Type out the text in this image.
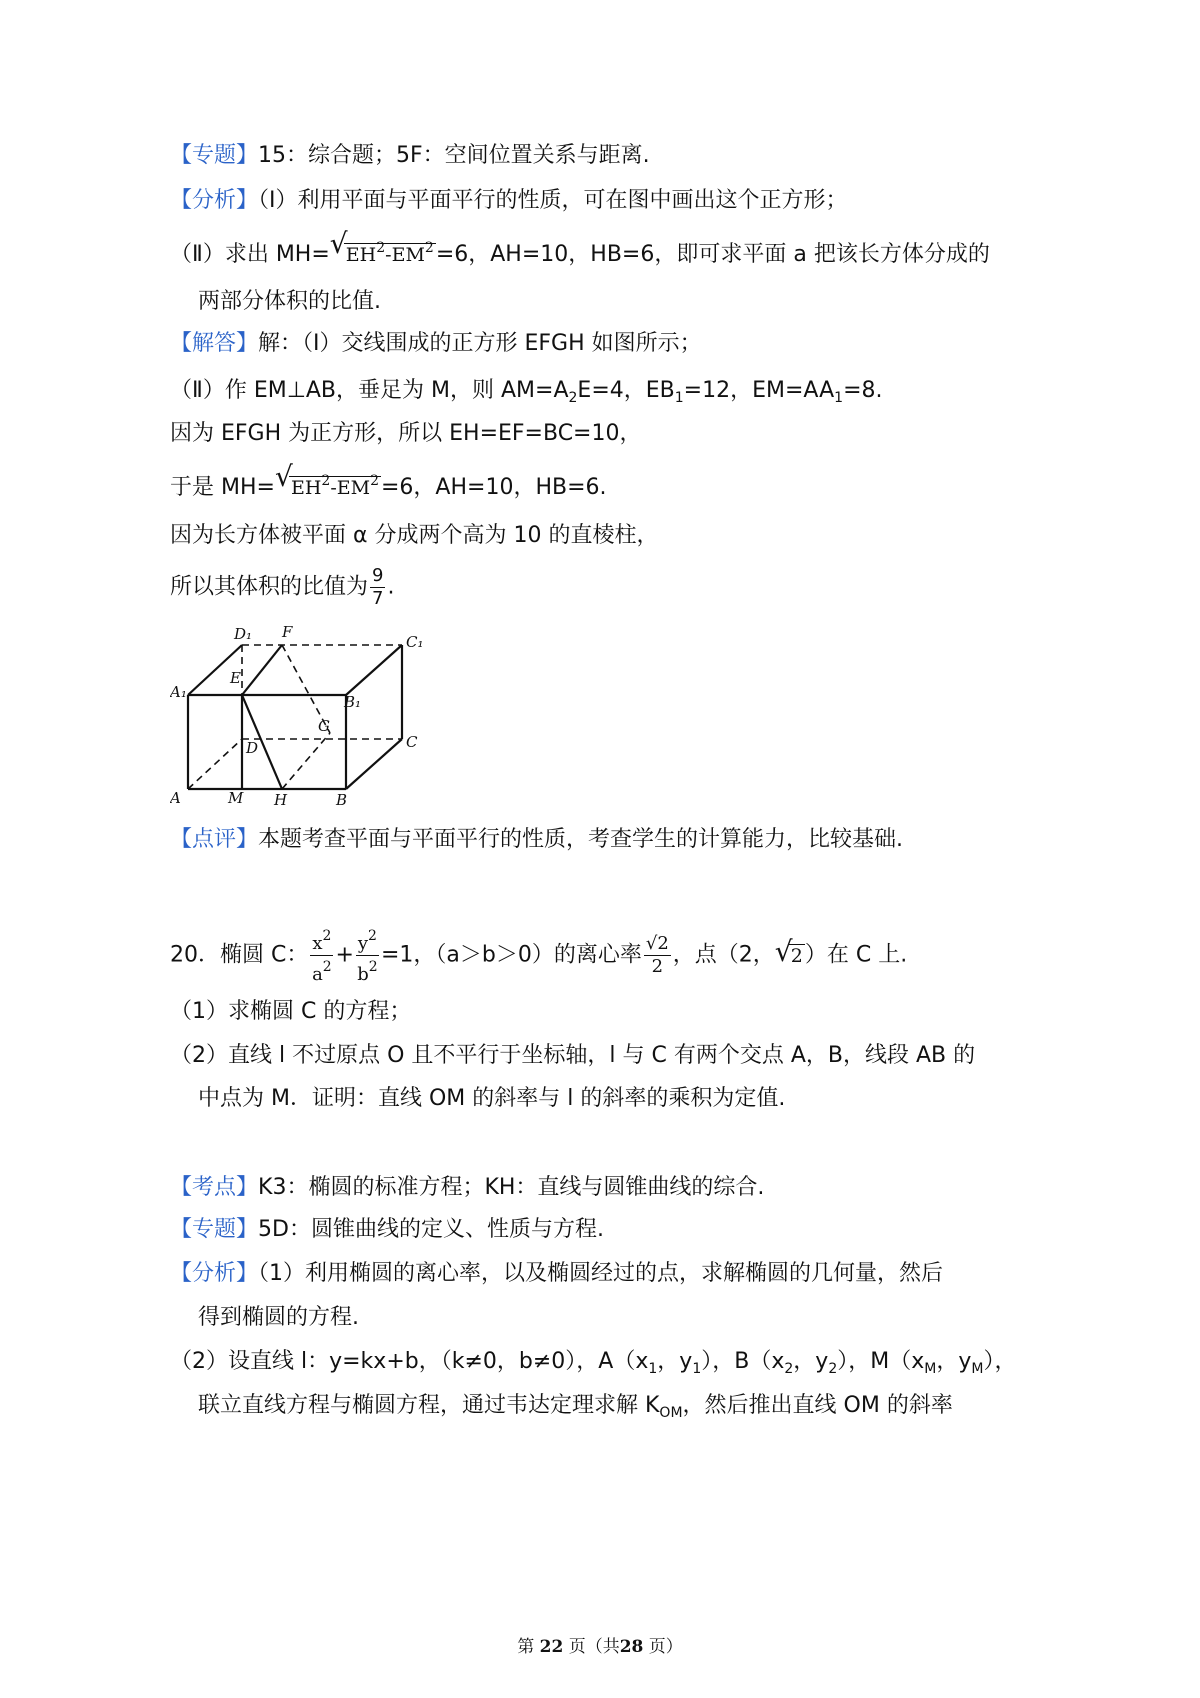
【专题】15：综合题；5F：空间位置关系与距离.
【分析】（Ⅰ）利用平面与平面平行的性质，可在图中画出这个正方形；
（Ⅱ）求出 MH= √
$EH^2-EM^2=6$，AH=10，HB=6，即可求平面 a 把该长方体分成的
两部分体积的比值.
【解答】解：（Ⅰ）交线围成的正方形 EFGH 如图所示；
（Ⅱ）作 EM⊥AB，垂足为 M，则 $AM=A_2E=4$，$EB_1=12$，$EM=AA_1=8$.
因为 EFGH 为正方形，所以 EH=EF=BC=10，
于是 MH= √
$EH^2-EM^2=6$，AH=10，HB=6.
因为长方体被平面 α 分成两个高为 10 的直棱柱，
所以其体积的比值为 $\frac{9}{7}$ .
D₁ F
C₁
E
A₁
B₁
G
D	C
A	M H	B
【点评】本题考查平面与平面平行的性质，考查学生的计算能力，比较基础.
20．椭圆 C： $\frac{x^2}{a^2} + \frac{y^2}{b^2} =1$，（a＞b＞0）的离心率 $\frac{√2}{2}$ ，点（2， √
2）在 C 上.
（1）求椭圆 C 的方程；
（2）直线 l 不过原点 O 且不平行于坐标轴，l 与 C 有两个交点 A，B，线段 AB 的
中点为 M．证明：直线 OM 的斜率与 l 的斜率的乘积为定值.
【考点】K3：椭圆的标准方程；KH：直线与圆锥曲线的综合.
【专题】5D：圆锥曲线的定义、性质与方程.
【分析】（1）利用椭圆的离心率，以及椭圆经过的点，求解椭圆的几何量，然后
得到椭圆的方程.
（2）设直线 l：y=kx+b，（k≠0，b≠0），$A(x_1$，$y_1$），$B(x_2$，$y_2$），$M(x_M$，$y_M$），
联立直线方程与椭圆方程，通过韦达定理求解 $K_{OM}$，然后推出直线 OM 的斜率
第 22 页（共28 页）
